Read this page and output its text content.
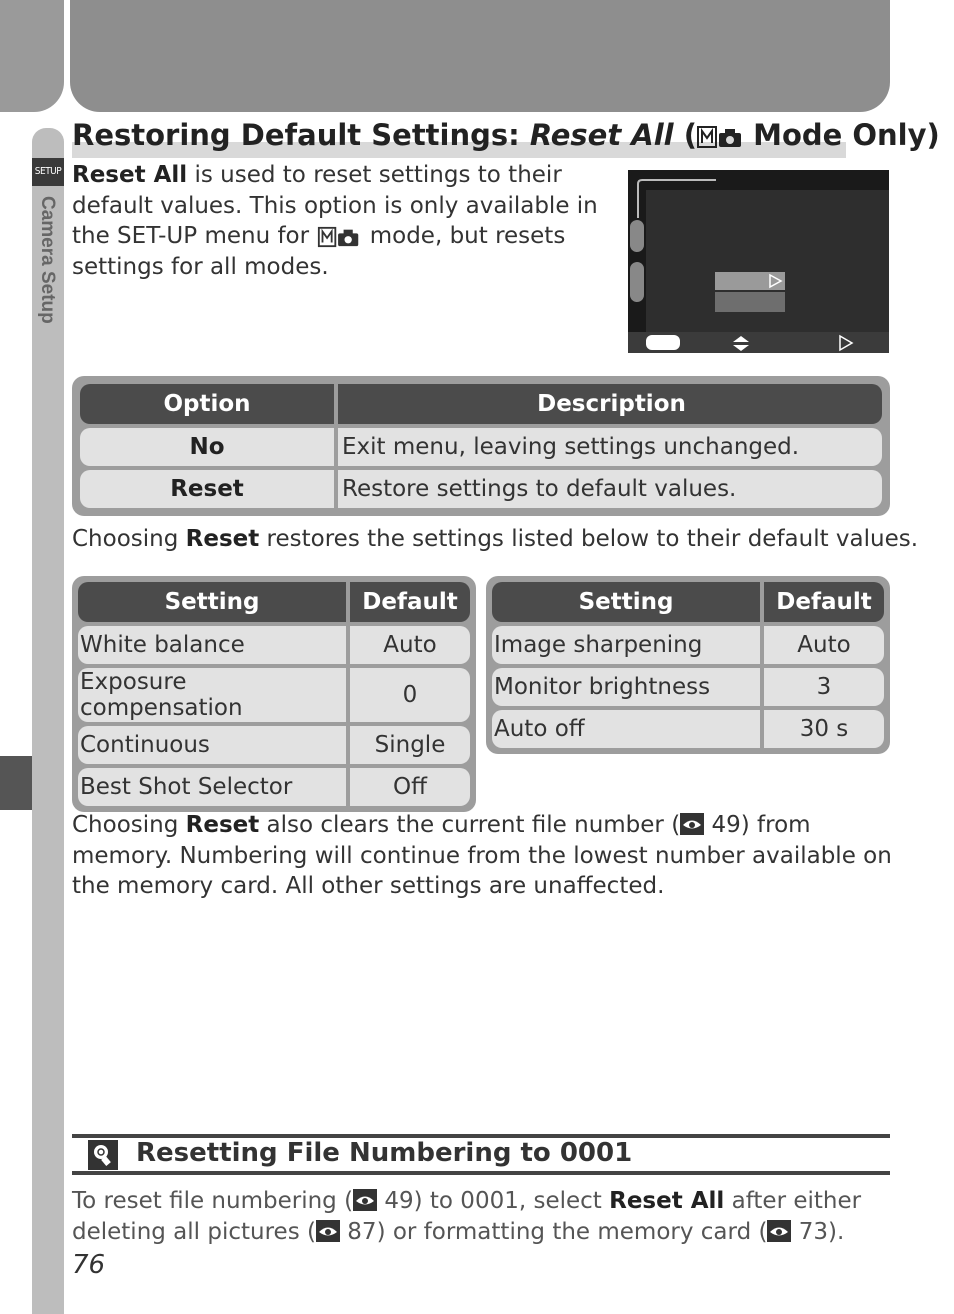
SETUP
Camera Setup
Restoring Default Settings: Reset All ( Mode Only)
Reset All is used to reset settings to their default values. This option is only available in the SET-UP menu for  mode, but resets settings for all modes.
Option	Description
No	Exit menu, leaving settings unchanged.
Reset	Restore settings to default values.
Choosing Reset restores the settings listed below to their default values.
Setting	Default
White balance	Auto
Exposure compensation	0
Continuous	Single
Best Shot Selector	Off
Setting	Default
Image sharpening	Auto
Monitor brightness	3
Auto off	30 s
Choosing Reset also clears the current file number ( 49) from memory. Numbering will continue from the lowest number available on the memory card. All other settings are unaffected.
Resetting File Numbering to 0001
To reset file numbering ( 49) to 0001, select Reset All after either deleting all pictures ( 87) or formatting the memory card ( 73).
76
